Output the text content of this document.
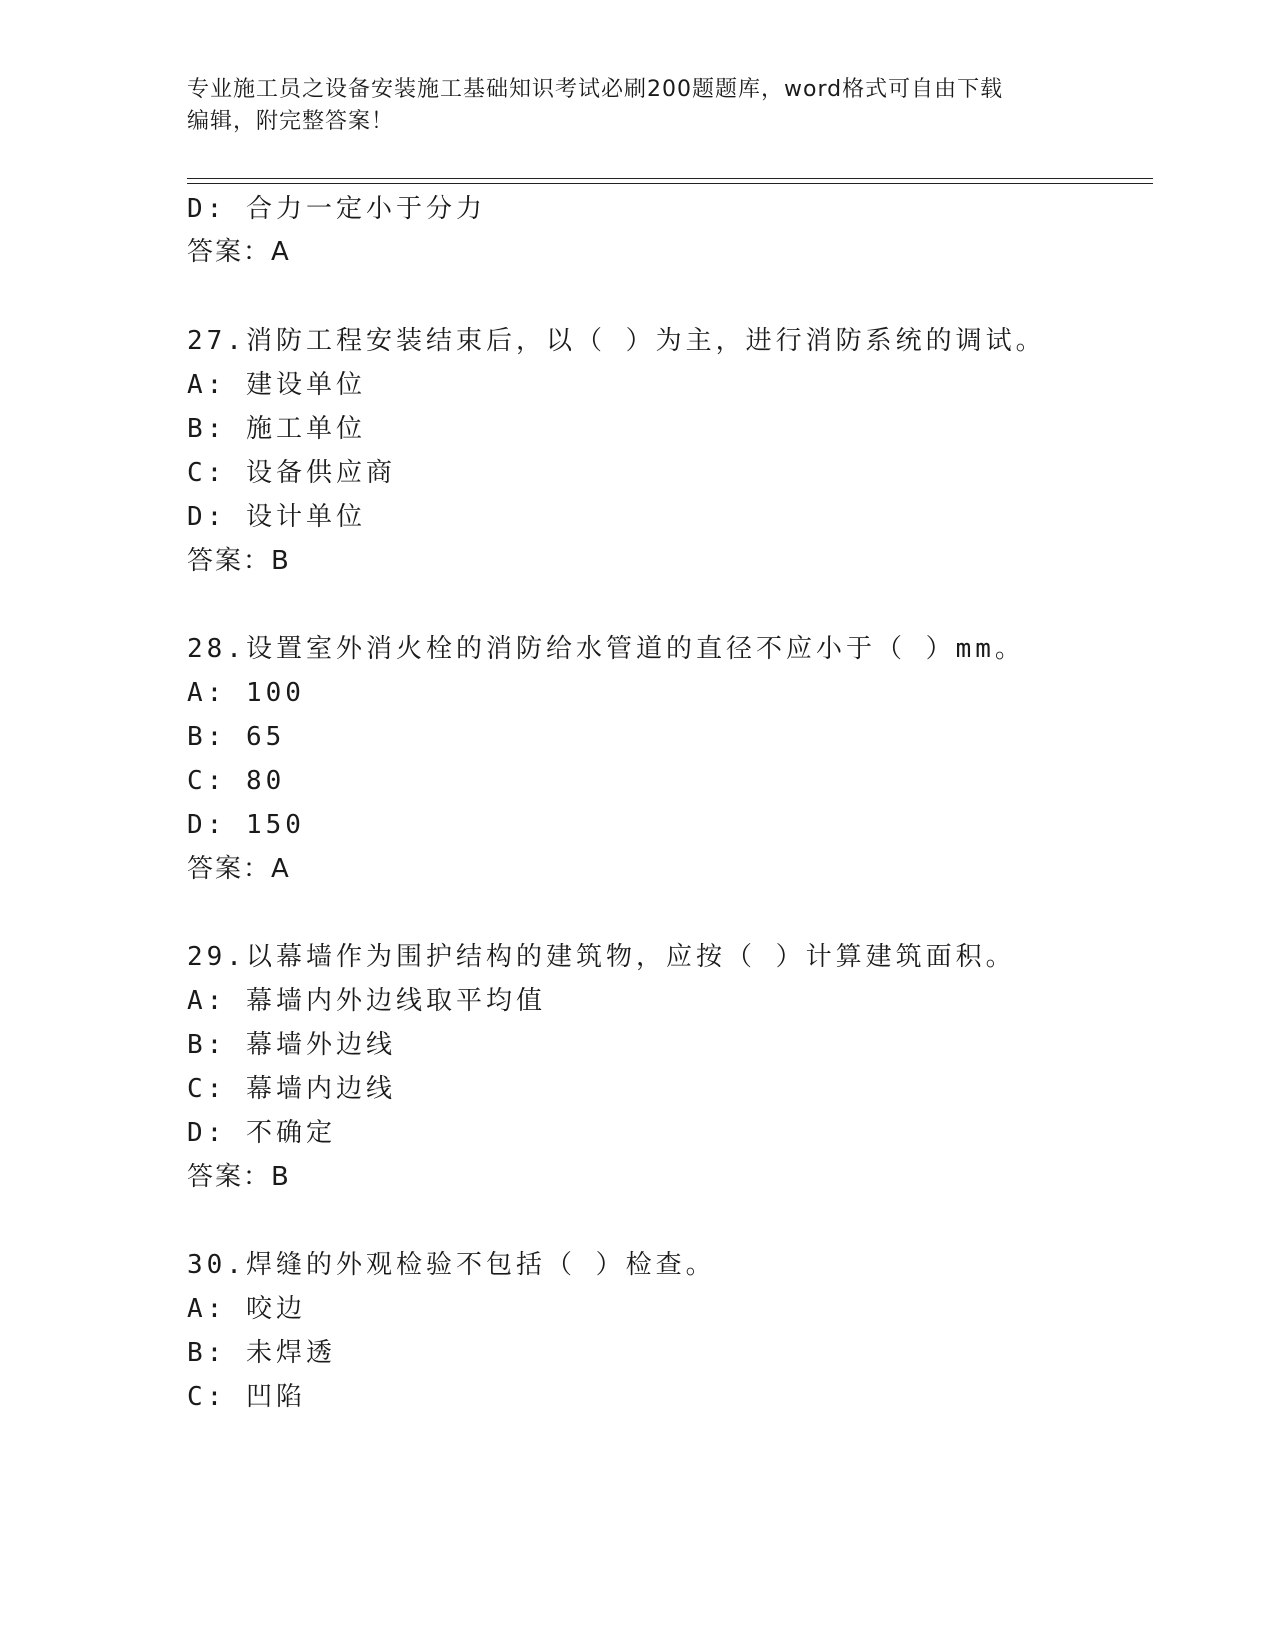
专业施工员之设备安装施工基础知识考试必刷200题题库，word格式可自由下载
编辑，附完整答案！
D: 合力一定小于分力
答案：A
27.消防工程安装结束后，以（ ）为主，进行消防系统的调试。
A: 建设单位
B: 施工单位
C: 设备供应商
D: 设计单位
答案：B
28.设置室外消火栓的消防给水管道的直径不应小于（ ）mm。
A: 100
B: 65
C: 80
D: 150
答案：A
29.以幕墙作为围护结构的建筑物，应按（ ）计算建筑面积。
A: 幕墙内外边线取平均值
B: 幕墙外边线
C: 幕墙内边线
D: 不确定
答案：B
30.焊缝的外观检验不包括（ ）检查。
A: 咬边
B: 未焊透
C: 凹陷
